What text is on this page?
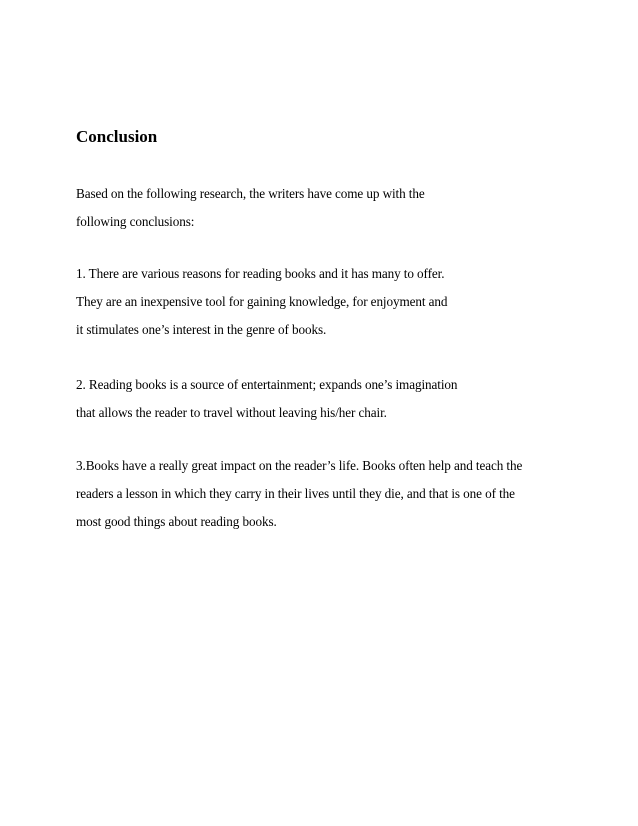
Conclusion

Based on the following research, the writers have come up with the

following conclusions:

1. There are various reasons for reading books and it has many to offer.

They are an inexpensive tool for gaining knowledge, for enjoyment and

it stimulates one’s interest in the genre of books.

2. Reading books is a source of entertainment; expands one’s imagination

that allows the reader to travel without leaving his/her chair.

3.Books have a really great impact on the reader’s life. Books often help and teach the

readers a lesson in which they carry in their lives until they die, and that is one of the

most good things about reading books.
